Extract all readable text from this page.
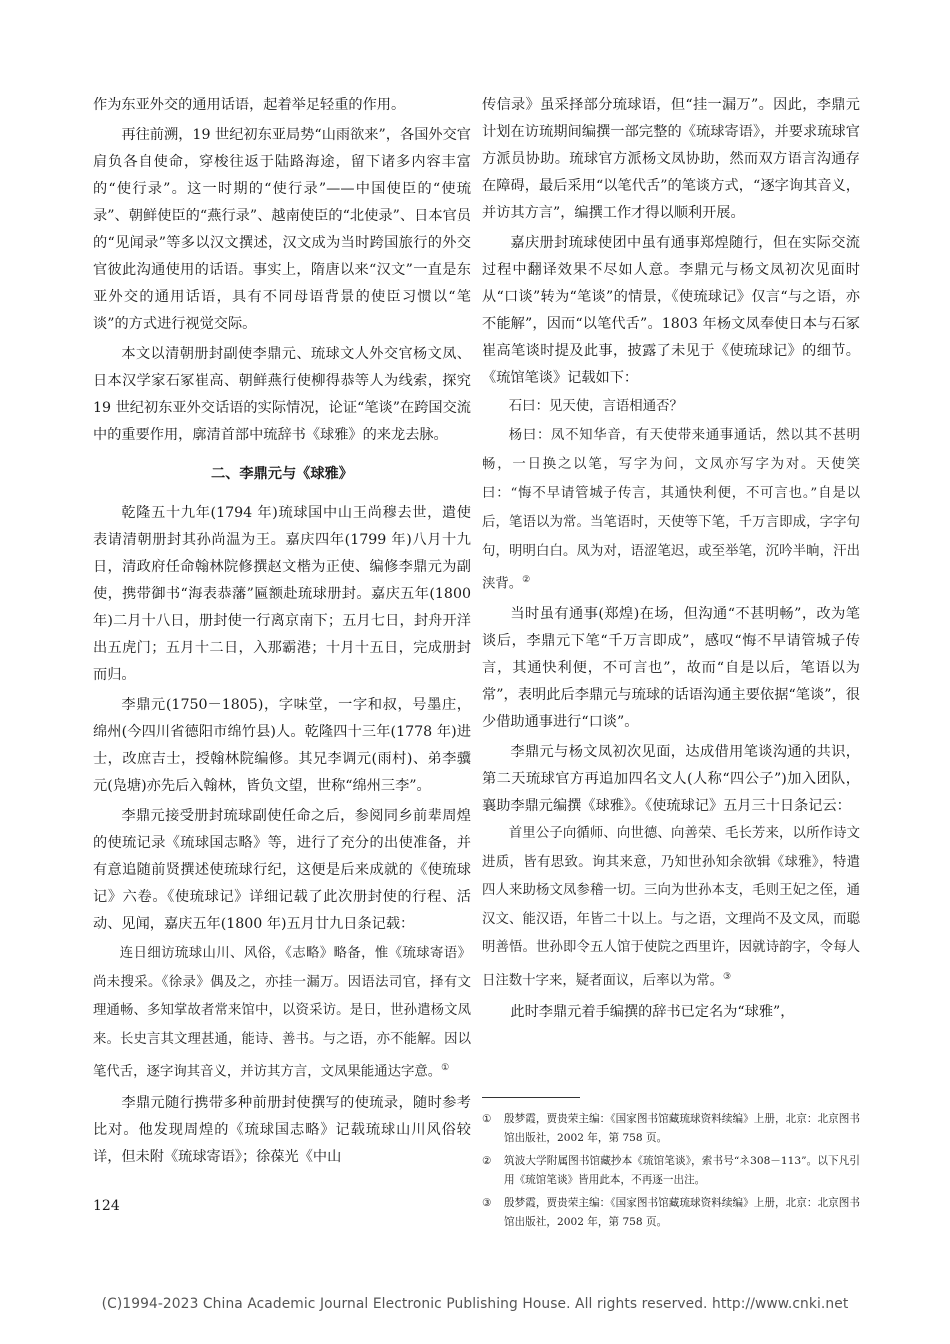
作为东亚外交的通用话语，起着举足轻重的作用。

再往前溯，19 世纪初东亚局势“山雨欲来”，各国外交官肩负各自使命，穿梭往返于陆路海途，留下诸多内容丰富的“使行录”。这一时期的“使行录”——中国使臣的“使琉录”、朝鲜使臣的“燕行录”、越南使臣的“北使录”、日本官员的“见闻录”等多以汉文撰述，汉文成为当时跨国旅行的外交官彼此沟通使用的话语。事实上，隋唐以来“汉文”一直是东亚外交的通用话语，具有不同母语背景的使臣习惯以“笔谈”的方式进行视觉交际。

本文以清朝册封副使李鼎元、琉球文人外交官杨文凤、日本汉学家石冢崔高、朝鲜燕行使柳得恭等人为线索，探究 19 世纪初东亚外交话语的实际情况，论证“笔谈”在跨国交流中的重要作用，廓清首部中琉辞书《球雅》的来龙去脉。

二、李鼎元与《球雅》

乾隆五十九年(1794 年)琉球国中山王尚穆去世，遣使表请清朝册封其孙尚温为王。嘉庆四年(1799 年)八月十九日，清政府任命翰林院修撰赵文楷为正使、编修李鼎元为副使，携带御书“海表恭藩”匾额赴琉球册封。嘉庆五年(1800 年)二月十八日，册封使一行离京南下；五月七日，封舟开洋出五虎门；五月十二日，入那霸港；十月十五日，完成册封而归。

李鼎元(1750－1805)，字味堂，一字和叔，号墨庄，绵州(今四川省德阳市绵竹县)人。乾隆四十三年(1778 年)进士，改庶吉士，授翰林院编修。其兄李调元(雨村)、弟李骥元(凫塘)亦先后入翰林，皆负文望，世称“绵州三李”。

李鼎元接受册封琉球副使任命之后，参阅同乡前辈周煌的使琉记录《琉球国志略》等，进行了充分的出使准备，并有意追随前贤撰述使琉球行纪，这便是后来成就的《使琉球记》六卷。《使琉球记》详细记载了此次册封使的行程、活动、见闻，嘉庆五年(1800 年)五月廿九日条记载：

连日细访琉球山川、风俗，《志略》略备，惟《琉球寄语》尚未搜采。《徐录》偶及之，亦挂一漏万。因语法司官，择有文理通畅、多知掌故者常来馆中，以资采访。是日，世孙遣杨文凤来。长史言其文理甚通，能诗、善书。与之语，亦不能解。因以笔代舌，逐字询其音义，并访其方言，文凤果能通达字意。①

李鼎元随行携带多种前册封使撰写的使琉录，随时参考比对。他发现周煌的《琉球国志略》记载琉球山川风俗较详，但未附《琉球寄语》；徐葆光《中山

传信录》虽采择部分琉球语，但“挂一漏万”。因此，李鼎元计划在访琉期间编撰一部完整的《琉球寄语》，并要求琉球官方派员协助。琉球官方派杨文凤协助，然而双方语言沟通存在障碍，最后采用“以笔代舌”的笔谈方式，“逐字询其音义，并访其方言”，编撰工作才得以顺利开展。

嘉庆册封琉球使团中虽有通事郑煌随行，但在实际交流过程中翻译效果不尽如人意。李鼎元与杨文凤初次见面时从“口谈”转为“笔谈”的情景，《使琉球记》仅言“与之语，亦不能解”，因而“以笔代舌”。1803 年杨文凤奉使日本与石冢崔高笔谈时提及此事，披露了未见于《使琉球记》的细节。《琉馆笔谈》记载如下：

石曰：见天使，言语相通否？

杨曰：凤不知华音，有天使带来通事通话，然以其不甚明畅，一日换之以笔，写字为问，文凤亦写字为对。天使笑曰：“悔不早请管城子传言，其通快利便，不可言也。”自是以后，笔语以为常。当笔语时，天使等下笔，千万言即成，字字句句，明明白白。凤为对，语涩笔迟，或至举笔，沉吟半晌，汗出浃背。②

当时虽有通事(郑煌)在场，但沟通“不甚明畅”，改为笔谈后，李鼎元下笔“千万言即成”，感叹“悔不早请管城子传言，其通快利便，不可言也”，故而“自是以后，笔语以为常”，表明此后李鼎元与琉球的话语沟通主要依据“笔谈”，很少借助通事进行“口谈”。

李鼎元与杨文凤初次见面，达成借用笔谈沟通的共识，第二天琉球官方再追加四名文人(人称“四公子”)加入团队，襄助李鼎元编撰《球雅》。《使琉球记》五月三十日条记云：

首里公子向循师、向世德、向善荣、毛长芳来，以所作诗文进质，皆有思致。询其来意，乃知世孙知余欲辑《球雅》，特遣四人来助杨文凤参稽一切。三向为世孙本支，毛则王妃之侄，通汉文、能汉语，年皆二十以上。与之语，文理尚不及文凤，而聪明善悟。世孙即令五人馆于使院之西里许，因就诗韵字，令每人日注数十字来，疑者面议，后率以为常。③

此时李鼎元着手编撰的辞书已定名为“球雅”，

①	殷梦霞，贾贵荣主编：《国家图书馆藏琉球资料续编》上册，北京：北京图书馆出版社，2002 年，第 758 页。
②	筑波大学附属图书馆藏抄本《琉馆笔谈》，索书号“ネ308－113”。以下凡引用《琉馆笔谈》皆用此本，不再逐一出注。
③	殷梦霞，贾贵荣主编：《国家图书馆藏琉球资料续编》上册，北京：北京图书馆出版社，2002 年，第 758 页。
124
(C)1994-2023 China Academic Journal Electronic Publishing House. All rights reserved. http://www.cnki.net
